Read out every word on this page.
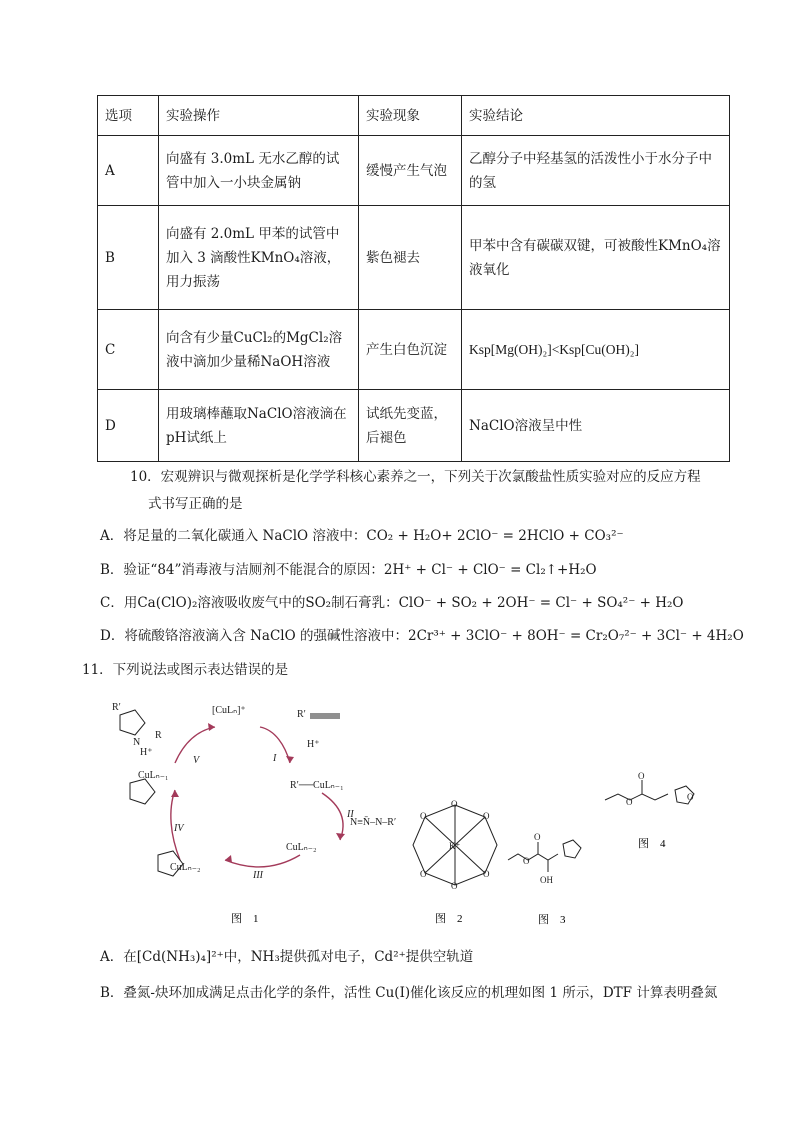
选项	实验操作	实验现象	实验结论
A	向盛有 3.0mL 无水乙醇的试管中加入一小块金属钠	缓慢产生气泡	乙醇分子中羟基氢的活泼性小于水分子中的氢
B	向盛有 2.0mL 甲苯的试管中加入 3 滴酸性KMnO₄溶液，用力振荡	紫色褪去	甲苯中含有碳碳双键，可被酸性KMnO₄溶液氧化
C	向含有少量CuCl₂的MgCl₂溶液中滴加少量稀NaOH溶液	产生白色沉淀	Ksp[Mg(OH)₂]<Ksp[Cu(OH)₂]
D	用玻璃棒蘸取NaClO溶液滴在pH试纸上	试纸先变蓝，后褪色	NaClO溶液呈中性
10．宏观辨识与微观探析是化学学科核心素养之一，下列关于次氯酸盐性质实验对应的反应方程
式书写正确的是
A．将足量的二氧化碳通入 NaClO 溶液中：CO₂ + H₂O+ 2ClO⁻ = 2HClO + CO₃²⁻
B．验证“84”消毒液与洁厕剂不能混合的原因：2H⁺ + Cl⁻ + ClO⁻ = Cl₂↑+H₂O
C．用Ca(ClO)₂溶液吸收废气中的SO₂制石膏乳：ClO⁻ + SO₂ + 2OH⁻ = Cl⁻ + SO₄²⁻ + H₂O
D．将硫酸铬溶液滴入含 NaClO 的强碱性溶液中：2Cr³⁺ + 3ClO⁻ + 8OH⁻ = Cr₂O₇²⁻ + 3Cl⁻ + 4H₂O
11．下列说法或图示表达错误的是
[CuLₙ]⁺	R′
H⁺
H⁺
R′──CuLₙ₋₁
N≡N̄–N–R′
CuLₙ₋₂
CuLₙ₋₁
CuLₙ₋₂
R′
R
N
V	I
II
III
IV
图　1
O
O
O
O
O
O
K⁺
图　2
O
OH
O
图　3
O
O	O
图　4
A．在[Cd(NH₃)₄]²⁺中，NH₃提供孤对电子，Cd²⁺提供空轨道
B．叠氮-炔环加成满足点击化学的条件，活性 Cu(I)催化该反应的机理如图 1 所示，DTF 计算表明叠氮
